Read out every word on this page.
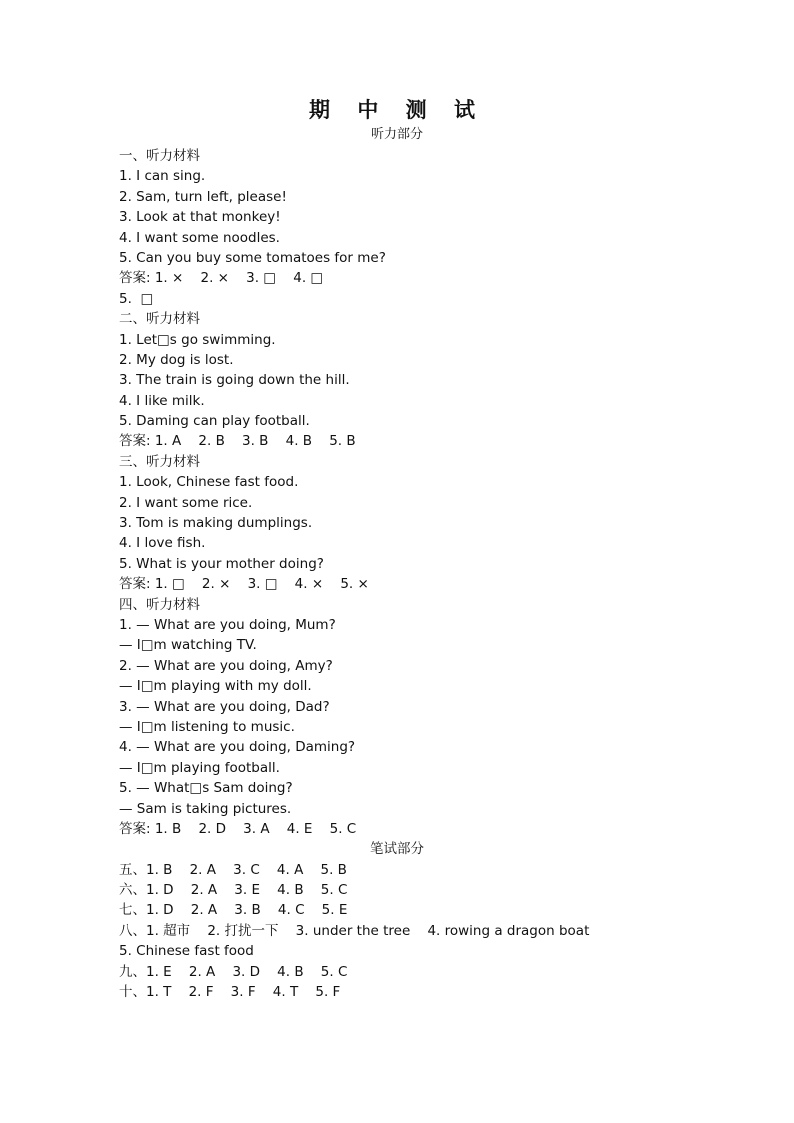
期 中 测 试
听力部分
一、听力材料
1. I can sing.
2. Sam, turn left, please!
3. Look at that monkey!
4. I want some noodles.
5. Can you buy some tomatoes for me?
答案: 1. ×    2. ×    3. □    4. □
5.  □
二、听力材料
1. Let□s go swimming.
2. My dog is lost.
3. The train is going down the hill.
4. I like milk.
5. Daming can play football.
答案: 1. A    2. B    3. B    4. B    5. B
三、听力材料
1. Look, Chinese fast food.
2. I want some rice.
3. Tom is making dumplings.
4. I love fish.
5. What is your mother doing?
答案: 1. □    2. ×    3. □    4. ×    5. ×
四、听力材料
1. — What are you doing, Mum?
— I□m watching TV.
2. — What are you doing, Amy?
— I□m playing with my doll.
3. — What are you doing, Dad?
— I□m listening to music.
4. — What are you doing, Daming?
— I□m playing football.
5. — What□s Sam doing?
— Sam is taking pictures.
答案: 1. B    2. D    3. A    4. E    5. C
笔试部分
五、1. B    2. A    3. C    4. A    5. B
六、1. D    2. A    3. E    4. B    5. C
七、1. D    2. A    3. B    4. C    5. E
八、1. 超市    2. 打扰一下    3. under the tree    4. rowing a dragon boat
5. Chinese fast food
九、1. E    2. A    3. D    4. B    5. C
十、1. T    2. F    3. F    4. T    5. F
